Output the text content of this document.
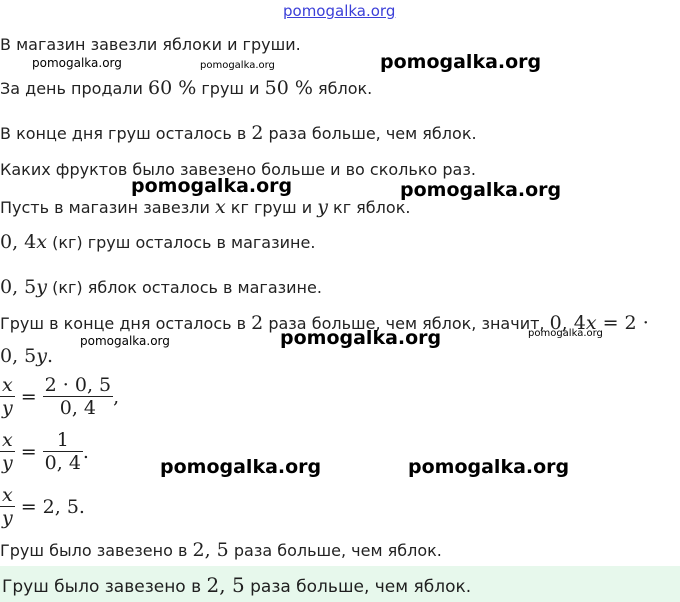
pomogalka.org
В магазин завезли яблоки и груши.
pomogalka.org	pomogalka.org	pomogalka.org
За день продали 60 % груш и 50 % яблок.
В конце дня груш осталось в 2 раза больше, чем яблок.
Каких фруктов было завезено больше и во сколько раз.
pomogalka.org	pomogalka.org
Пусть в магазин завезли x кг груш и y кг яблок.
0, 4x (кг) груш осталось в магазине.
0, 5y (кг) яблок осталось в магазине.
Груш в конце дня осталось в 2 раза больше, чем яблок, значит, 0, 4x = 2 ·
pomogalka.org	pomogalka.org	pomogalka.org
0, 5y.
$\frac{x}{y} = \frac{2 \cdot 0, 5}{0, 4}$ ,
$\frac{x}{y} = \frac{1}{0, 4}$ .
pomogalka.org	pomogalka.org
$\frac{x}{y} = 2$, 5.
Груш было завезено в 2, 5 раза больше, чем яблок.
Груш было завезено в 2, 5 раза больше, чем яблок.
